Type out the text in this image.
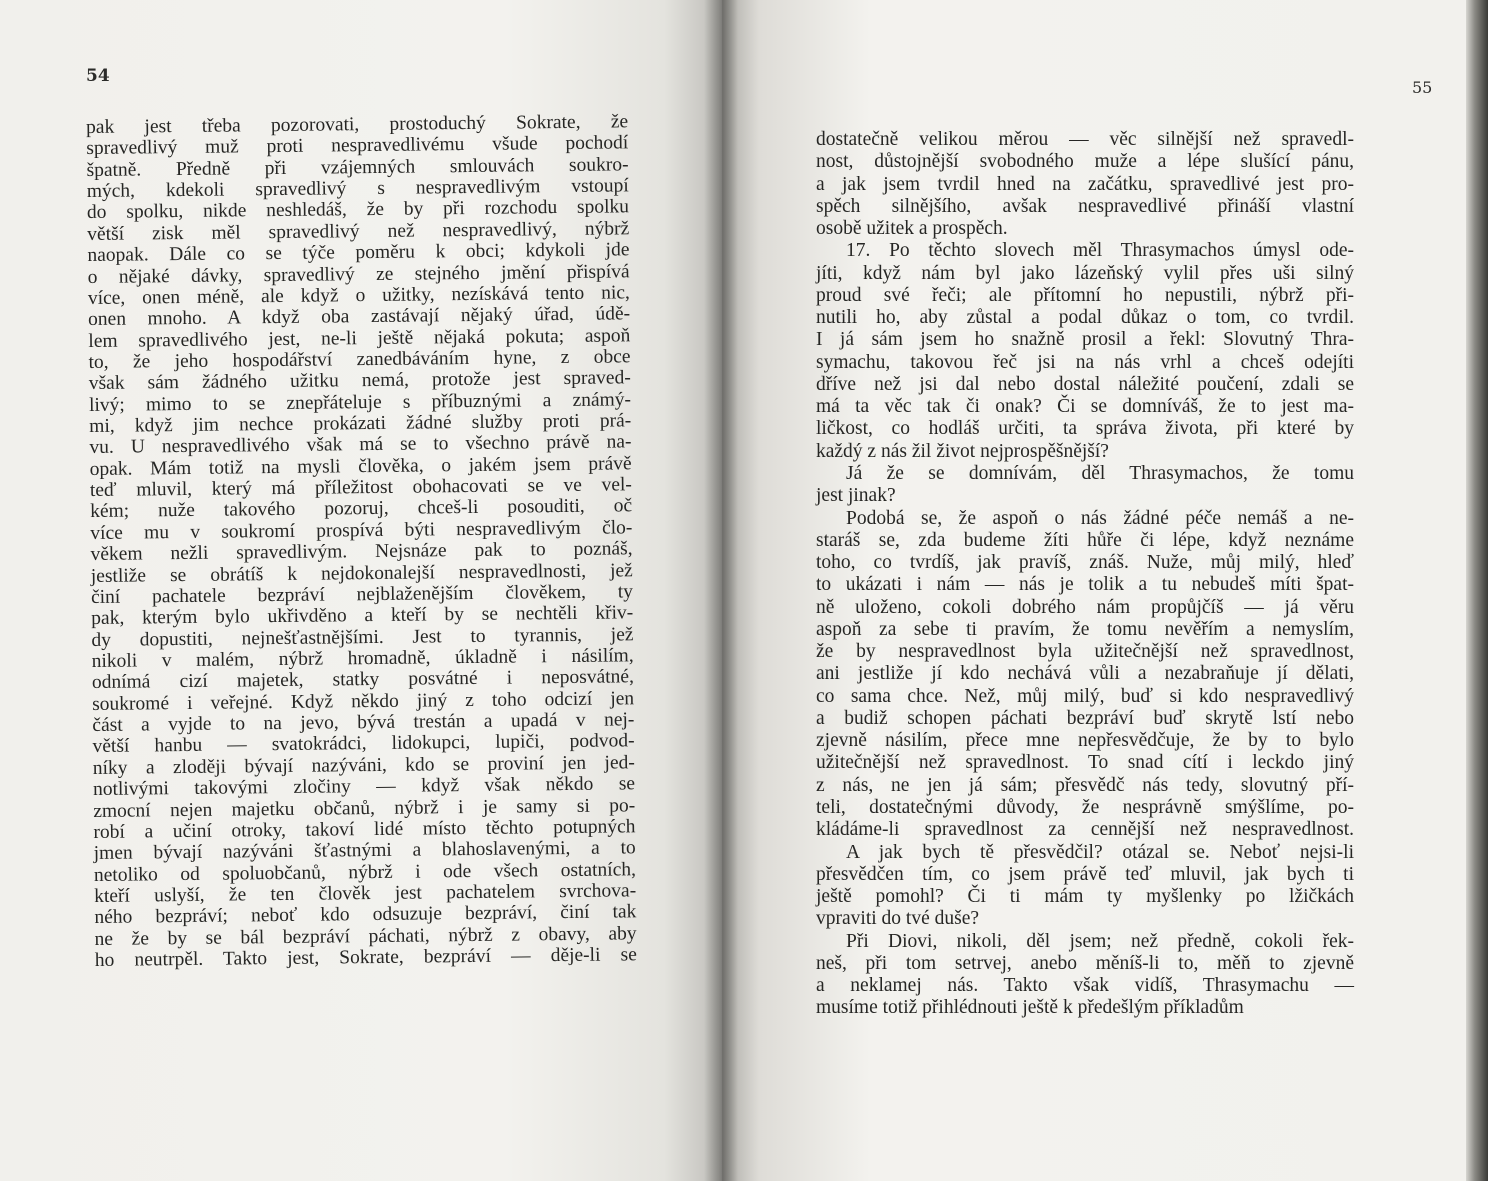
54
pak jest třeba pozorovati, prostoduchý Sokrate, že
spravedlivý muž proti nespravedlivému všude pochodí
špatně. Předně při vzájemných smlouvách soukro-
mých, kdekoli spravedlivý s nespravedlivým vstoupí
do spolku, nikde neshledáš, že by při rozchodu spolku
větší zisk měl spravedlivý než nespravedlivý, nýbrž
naopak. Dále co se týče poměru k obci; kdykoli jde
o nějaké dávky, spravedlivý ze stejného jmění přispívá
více, onen méně, ale když o užitky, nezískává tento nic,
onen mnoho. A když oba zastávají nějaký úřad, údě-
lem spravedlivého jest, ne-li ještě nějaká pokuta; aspoň
to, že jeho hospodářství zanedbáváním hyne, z obce
však sám žádného užitku nemá, protože jest spraved-
livý; mimo to se znepřáteluje s příbuznými a známý-
mi, když jim nechce prokázati žádné služby proti prá-
vu. U nespravedlivého však má se to všechno právě na-
opak. Mám totiž na mysli člověka, o jakém jsem právě
teď mluvil, který má příležitost obohacovati se ve vel-
kém; nuže takového pozoruj, chceš-li posouditi, oč
více mu v soukromí prospívá býti nespravedlivým člo-
věkem nežli spravedlivým. Nejsnáze pak to poznáš,
jestliže se obrátíš k nejdokonalejší nespravedlnosti, jež
činí pachatele bezpráví nejblaženějším člověkem, ty
pak, kterým bylo ukřivděno a kteří by se nechtěli křiv-
dy dopustiti, nejnešťastnějšími. Jest to tyrannis, jež
nikoli v malém, nýbrž hromadně, úkladně i násilím,
odnímá cizí majetek, statky posvátné i neposvátné,
soukromé i veřejné. Když někdo jiný z toho odcizí jen
část a vyjde to na jevo, bývá trestán a upadá v nej-
větší hanbu — svatokrádci, lidokupci, lupiči, podvod-
níky a zloději bývají nazýváni, kdo se proviní jen jed-
notlivými takovými zločiny — když však někdo se
zmocní nejen majetku občanů, nýbrž i je samy si po-
robí a učiní otroky, takoví lidé místo těchto potupných
jmen bývají nazýváni šťastnými a blahoslavenými, a to
netoliko od spoluobčanů, nýbrž i ode všech ostatních,
kteří uslyší, že ten člověk jest pachatelem svrchova-
ného bezpráví; neboť kdo odsuzuje bezpráví, činí tak
ne že by se bál bezpráví páchati, nýbrž z obavy, aby
ho neutrpěl. Takto jest, Sokrate, bezpráví — děje-li se
55
dostatečně velikou měrou — věc silnější než spravedl-
nost, důstojnější svobodného muže a lépe slušící pánu,
a jak jsem tvrdil hned na začátku, spravedlivé jest pro-
spěch silnějšího, avšak nespravedlivé přináší vlastní
osobě užitek a prospěch.
17. Po těchto slovech měl Thrasymachos úmysl ode-
jíti, když nám byl jako lázeňský vylil přes uši silný
proud své řeči; ale přítomní ho nepustili, nýbrž při-
nutili ho, aby zůstal a podal důkaz o tom, co tvrdil.
I já sám jsem ho snažně prosil a řekl: Slovutný Thra-
symachu, takovou řeč jsi na nás vrhl a chceš odejíti
dříve než jsi dal nebo dostal náležité poučení, zdali se
má ta věc tak či onak? Či se domníváš, že to jest ma-
ličkost, co hodláš určiti, ta správa života, při které by
každý z nás žil život nejprospěšnější?
Já že se domnívám, děl Thrasymachos, že tomu
jest jinak?
Podobá se, že aspoň o nás žádné péče nemáš a ne-
staráš se, zda budeme žíti hůře či lépe, když neznáme
toho, co tvrdíš, jak pravíš, znáš. Nuže, můj milý, hleď
to ukázati i nám — nás je tolik a tu nebudeš míti špat-
ně uloženo, cokoli dobrého nám propůjčíš — já věru
aspoň za sebe ti pravím, že tomu nevěřím a nemyslím,
že by nespravedlnost byla užitečnější než spravedlnost,
ani jestliže jí kdo nechává vůli a nezabraňuje jí dělati,
co sama chce. Než, můj milý, buď si kdo nespravedlivý
a budiž schopen páchati bezpráví buď skrytě lstí nebo
zjevně násilím, přece mne nepřesvědčuje, že by to bylo
užitečnější než spravedlnost. To snad cítí i leckdo jiný
z nás, ne jen já sám; přesvědč nás tedy, slovutný pří-
teli, dostatečnými důvody, že nesprávně smýšlíme, po-
kládáme-li spravedlnost za cennější než nespravedlnost.
A jak bych tě přesvědčil? otázal se. Neboť nejsi-li
přesvědčen tím, co jsem právě teď mluvil, jak bych ti
ještě pomohl? Či ti mám ty myšlenky po lžičkách
vpraviti do tvé duše?
Při Diovi, nikoli, děl jsem; než předně, cokoli řek-
neš, při tom setrvej, anebo měníš-li to, měň to zjevně
a neklamej nás. Takto však vidíš, Thrasymachu —
musíme totiž přihlédnouti ještě k předešlým příkladům
